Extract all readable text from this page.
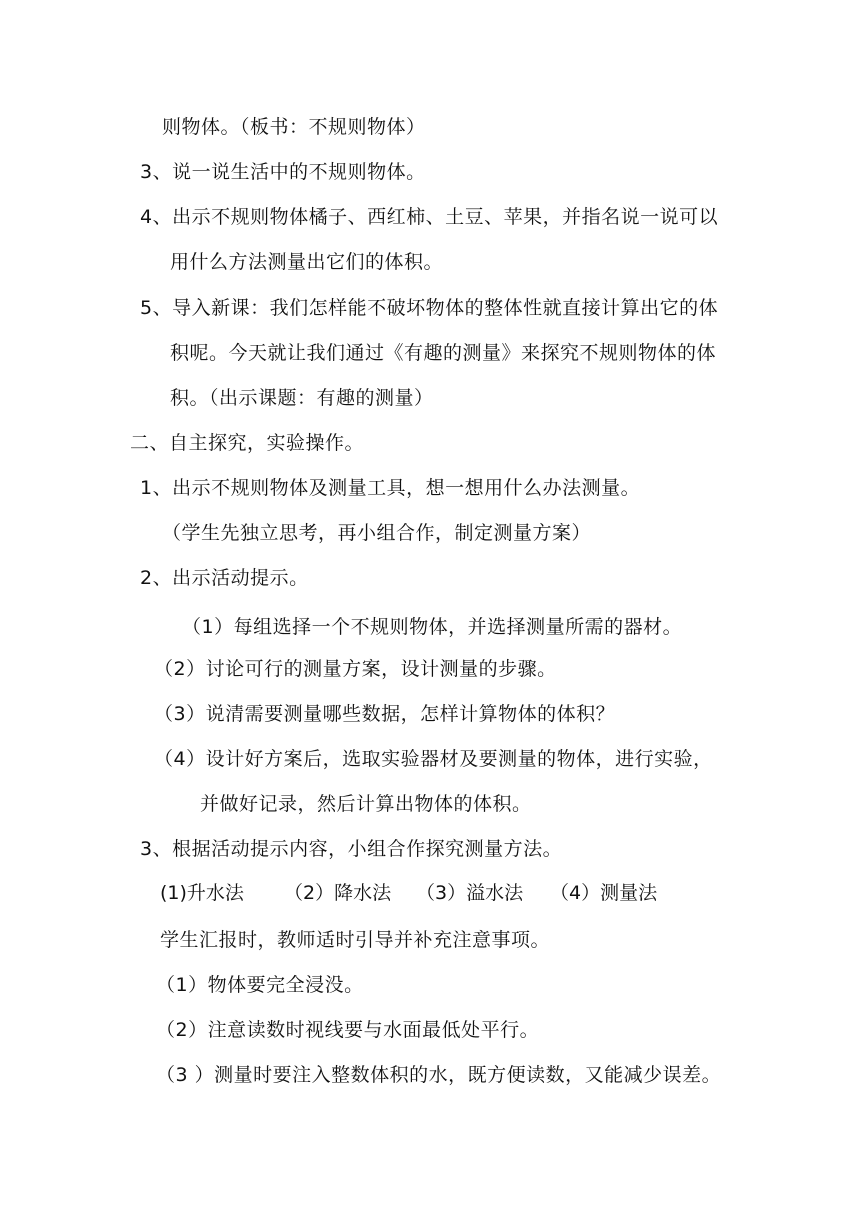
则物体。（板书：不规则物体）
3、说一说生活中的不规则物体。
4、出示不规则物体橘子、西红柿、土豆、苹果，并指名说一说可以
用什么方法测量出它们的体积。
5、导入新课：我们怎样能不破坏物体的整体性就直接计算出它的体
积呢。今天就让我们通过《有趣的测量》来探究不规则物体的体
积。（出示课题：有趣的测量）
二、自主探究，实验操作。
1、出示不规则物体及测量工具，想一想用什么办法测量。
（学生先独立思考，再小组合作，制定测量方案）
2、出示活动提示。
（1）每组选择一个不规则物体，并选择测量所需的器材。
（2）讨论可行的测量方案，设计测量的步骤。
（3）说清需要测量哪些数据，怎样计算物体的体积？
（4）设计好方案后，选取实验器材及要测量的物体，进行实验，
并做好记录，然后计算出物体的体积。
3、根据活动提示内容，小组合作探究测量方法。
(1)升水法	（2）降水法	（3）溢水法	（4）测量法
学生汇报时，教师适时引导并补充注意事项。
（1）物体要完全浸没。
（2）注意读数时视线要与水面最低处平行。
（3 ）测量时要注入整数体积的水，既方便读数，又能减少误差。
